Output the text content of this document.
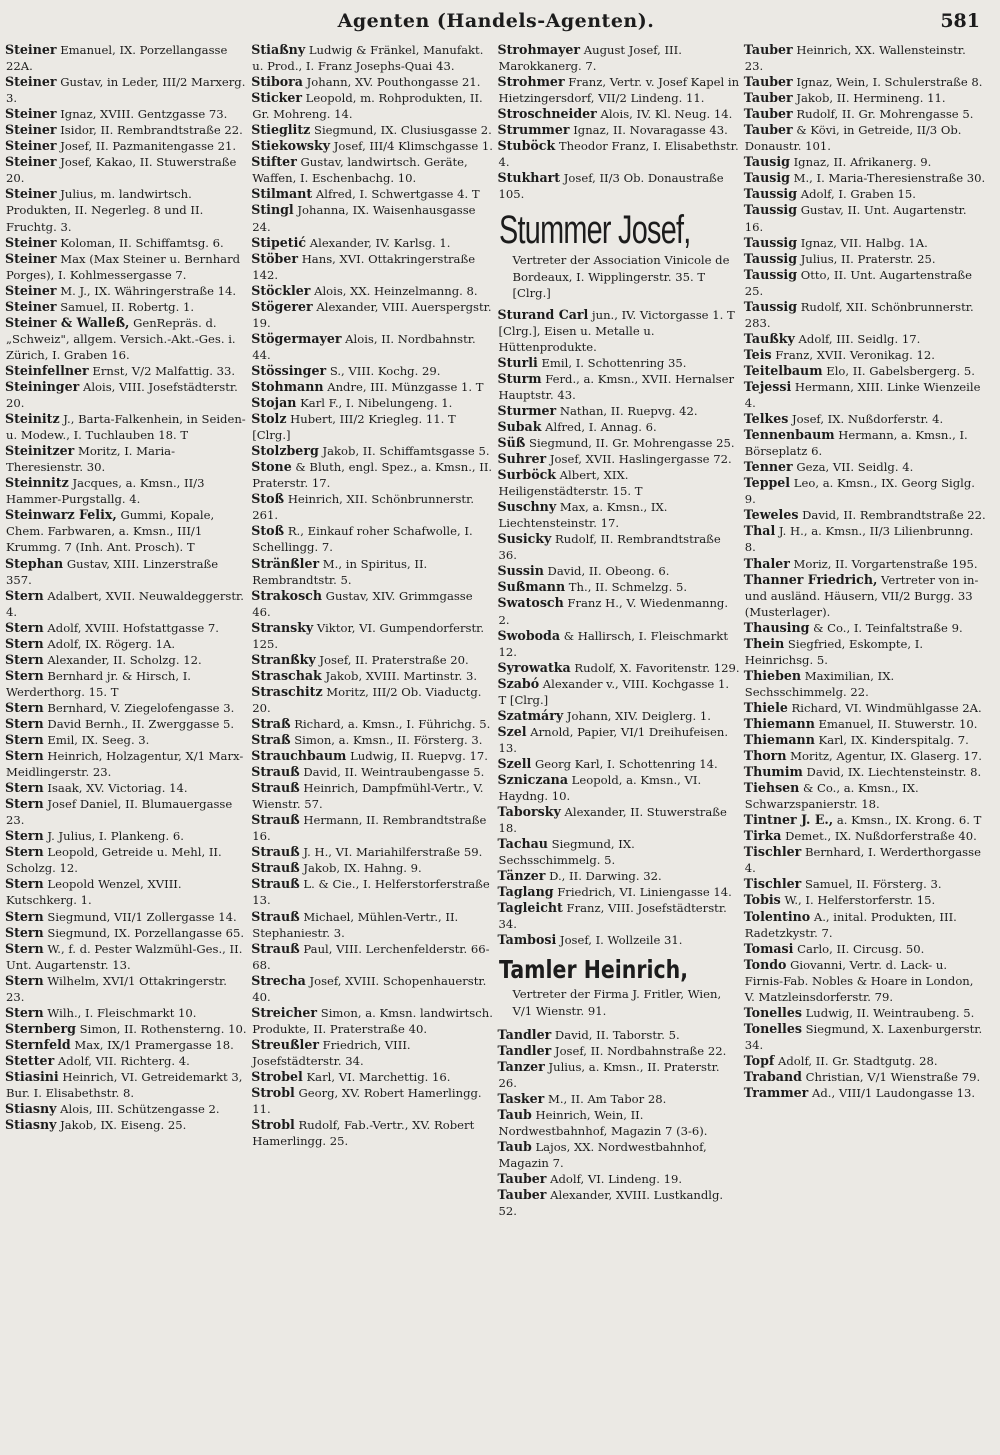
Agenten (Handels-Agenten).	581
Steiner Emanuel, IX. Porzellangasse 22A.
Steiner Gustav, in Leder, III/2 Marxerg. 3.
Steiner Ignaz, XVIII. Gentzgasse 73.
Steiner Isidor, II. Rembrandtstraße 22.
Steiner Josef, II. Pazmanitengasse 21.
Steiner Josef, Kakao, II. Stuwerstraße 20.
Steiner Julius, m. landwirtsch. Produkten, II. Negerleg. 8 und II. Fruchtg. 3.
Steiner Koloman, II. Schiffamtsg. 6.
Steiner Max (Max Steiner u. Bernhard Porges), I. Kohlmessergasse 7.
Steiner M. J., IX. Währingerstraße 14.
Steiner Samuel, II. Robertg. 1.
Steiner & Walleß, GenRepräs. d. „Schweiz", allgem. Versich.-Akt.-Ges. i. Zürich, I. Graben 16.
Steinfellner Ernst, V/2 Malfattig. 33.
Steininger Alois, VIII. Josefstädterstr. 20.
Steinitz J., Barta-Falkenhein, in Seiden- u. Modew., I. Tuchlauben 18. T
Steinitzer Moritz, I. Maria-Theresienstr. 30.
Steinnitz Jacques, a. Kmsn., II/3 Hammer-Purgstallg. 4.
Steinwarz Felix, Gummi, Kopale, Chem. Farbwaren, a. Kmsn., III/1 Krummg. 7 (Inh. Ant. Prosch). T
Stephan Gustav, XIII. Linzerstraße 357.
Stern Adalbert, XVII. Neuwaldeggerstr. 4.
Stern Adolf, XVIII. Hofstattgasse 7.
Stern Adolf, IX. Rögerg. 1A.
Stern Alexander, II. Scholzg. 12.
Stern Bernhard jr. & Hirsch, I. Werderthorg. 15. T
Stern Bernhard, V. Ziegelofengasse 3.
Stern David Bernh., II. Zwerggasse 5.
Stern Emil, IX. Seeg. 3.
Stern Heinrich, Holzagentur, X/1 Marx-Meidlingerstr. 23.
Stern Isaak, XV. Victoriag. 14.
Stern Josef Daniel, II. Blumauergasse 23.
Stern J. Julius, I. Plankeng. 6.
Stern Leopold, Getreide u. Mehl, II. Scholzg. 12.
Stern Leopold Wenzel, XVIII. Kutschkerg. 1.
Stern Siegmund, VII/1 Zollergasse 14.
Stern Siegmund, IX. Porzellangasse 65.
Stern W., f. d. Pester Walzmühl-Ges., II. Unt. Augartenstr. 13.
Stern Wilhelm, XVI/1 Ottakringerstr. 23.
Stern Wilh., I. Fleischmarkt 10.
Sternberg Simon, II. Rothensterng. 10.
Sternfeld Max, IX/1 Pramergasse 18.
Stetter Adolf, VII. Richterg. 4.
Stiasini Heinrich, VI. Getreidemarkt 3, Bur. I. Elisabethstr. 8.
Stiasny Alois, III. Schützengasse 2.
Stiasny Jakob, IX. Eiseng. 25.
Stiaßny Ludwig & Fränkel, Manufakt. u. Prod., I. Franz Josephs-Quai 43.
Stibora Johann, XV. Pouthongasse 21.
Sticker Leopold, m. Rohprodukten, II. Gr. Mohreng. 14.
Stieglitz Siegmund, IX. Clusiusgasse 2.
Stiekowsky Josef, III/4 Klimschgasse 1.
Stifter Gustav, landwirtsch. Geräte, Waffen, I. Eschenbachg. 10.
Stilmant Alfred, I. Schwertgasse 4. T
Stingl Johanna, IX. Waisenhausgasse 24.
Stipetić Alexander, IV. Karlsg. 1.
Stöber Hans, XVI. Ottakringerstraße 142.
Stöckler Alois, XX. Heinzelmanng. 8.
Stögerer Alexander, VIII. Auerspergstr. 19.
Stögermayer Alois, II. Nordbahnstr. 44.
Stössinger S., VIII. Kochg. 29.
Stohmann Andre, III. Münzgasse 1. T
Stojan Karl F., I. Nibelungeng. 1.
Stolz Hubert, III/2 Kriegleg. 11. T [Clrg.]
Stolzberg Jakob, II. Schiffamtsgasse 5.
Stone & Bluth, engl. Spez., a. Kmsn., II. Praterstr. 17.
Stoß Heinrich, XII. Schönbrunnerstr. 261.
Stoß R., Einkauf roher Schafwolle, I. Schellingg. 7.
Stränßler M., in Spiritus, II. Rembrandtstr. 5.
Strakosch Gustav, XIV. Grimmgasse 46.
Stransky Viktor, VI. Gumpendorferstr. 125.
Stranßky Josef, II. Praterstraße 20.
Straschak Jakob, XVIII. Martinstr. 3.
Straschitz Moritz, III/2 Ob. Viaductg. 20.
Straß Richard, a. Kmsn., I. Führichg. 5.
Straß Simon, a. Kmsn., II. Försterg. 3.
Strauchbaum Ludwig, II. Ruepvg. 17.
Strauß David, II. Weintraubengasse 5.
Strauß Heinrich, Dampfmühl-Vertr., V. Wienstr. 57.
Strauß Hermann, II. Rembrandtstraße 16.
Strauß J. H., VI. Mariahilferstraße 59.
Strauß Jakob, IX. Hahng. 9.
Strauß L. & Cie., I. Helferstorferstraße 13.
Strauß Michael, Mühlen-Vertr., II. Stephaniestr. 3.
Strauß Paul, VIII. Lerchenfelderstr. 66-68.
Strecha Josef, XVIII. Schopenhauerstr. 40.
Streicher Simon, a. Kmsn. landwirtsch. Produkte, II. Praterstraße 40.
Streußler Friedrich, VIII. Josefstädterstr. 34.
Strobel Karl, VI. Marchettig. 16.
Strobl Georg, XV. Robert Hamerlingg. 11.
Strobl Rudolf, Fab.-Vertr., XV. Robert Hamerlingg. 25.
Strohmayer August Josef, III. Marokkanerg. 7.
Strohmer Franz, Vertr. v. Josef Kapel in Hietzingersdorf, VII/2 Lindeng. 11.
Stroschneider Alois, IV. Kl. Neug. 14.
Strummer Ignaz, II. Novaragasse 43.
Stuböck Theodor Franz, I. Elisabethstr. 4.
Stukhart Josef, II/3 Ob. Donaustraße 105.
Stummer Josef,
Vertreter der Association Vinicole de Bordeaux, I. Wipplingerstr. 35. T [Clrg.]
Sturand Carl jun., IV. Victorgasse 1. T [Clrg.], Eisen u. Metalle u. Hüttenprodukte.
Sturli Emil, I. Schottenring 35.
Sturm Ferd., a. Kmsn., XVII. Hernalser Hauptstr. 43.
Sturmer Nathan, II. Ruepvg. 42.
Subak Alfred, I. Annag. 6.
Süß Siegmund, II. Gr. Mohrengasse 25.
Suhrer Josef, XVII. Haslingergasse 72.
Surböck Albert, XIX. Heiligenstädterstr. 15. T
Suschny Max, a. Kmsn., IX. Liechtensteinstr. 17.
Susicky Rudolf, II. Rembrandtstraße 36.
Sussin David, II. Obeong. 6.
Sußmann Th., II. Schmelzg. 5.
Swatosch Franz H., V. Wiedenmanng. 2.
Swoboda & Hallirsch, I. Fleischmarkt 12.
Syrowatka Rudolf, X. Favoritenstr. 129.
Szabó Alexander v., VIII. Kochgasse 1. T [Clrg.]
Szatmáry Johann, XIV. Deiglerg. 1.
Szel Arnold, Papier, VI/1 Dreihufeisen. 13.
Szell Georg Karl, I. Schottenring 14.
Szniczana Leopold, a. Kmsn., VI. Haydng. 10.
Taborsky Alexander, II. Stuwerstraße 18.
Tachau Siegmund, IX. Sechsschimmelg. 5.
Tänzer D., II. Darwing. 32.
Taglang Friedrich, VI. Liniengasse 14.
Tagleicht Franz, VIII. Josefstädterstr. 34.
Tambosi Josef, I. Wollzeile 31.
Tamler Heinrich,
Vertreter der Firma J. Fritler, Wien, V/1 Wienstr. 91.
Tandler David, II. Taborstr. 5.
Tandler Josef, II. Nordbahnstraße 22.
Tanzer Julius, a. Kmsn., II. Praterstr. 26.
Tasker M., II. Am Tabor 28.
Taub Heinrich, Wein, II. Nordwestbahnhof, Magazin 7 (3-6).
Taub Lajos, XX. Nordwestbahnhof, Magazin 7.
Tauber Adolf, VI. Lindeng. 19.
Tauber Alexander, XVIII. Lustkandlg. 52.
Tauber Heinrich, XX. Wallensteinstr. 23.
Tauber Ignaz, Wein, I. Schulerstraße 8.
Tauber Jakob, II. Hermineng. 11.
Tauber Rudolf, II. Gr. Mohrengasse 5.
Tauber & Kövi, in Getreide, II/3 Ob. Donaustr. 101.
Tausig Ignaz, II. Afrikanerg. 9.
Tausig M., I. Maria-Theresienstraße 30.
Taussig Adolf, I. Graben 15.
Taussig Gustav, II. Unt. Augartenstr. 16.
Taussig Ignaz, VII. Halbg. 1A.
Taussig Julius, II. Praterstr. 25.
Taussig Otto, II. Unt. Augartenstraße 25.
Taussig Rudolf, XII. Schönbrunnerstr. 283.
Taußky Adolf, III. Seidlg. 17.
Teis Franz, XVII. Veronikag. 12.
Teitelbaum Elo, II. Gabelsbergerg. 5.
Tejessi Hermann, XIII. Linke Wienzeile 4.
Telkes Josef, IX. Nußdorferstr. 4.
Tennenbaum Hermann, a. Kmsn., I. Börseplatz 6.
Tenner Geza, VII. Seidlg. 4.
Teppel Leo, a. Kmsn., IX. Georg Siglg. 9.
Teweles David, II. Rembrandtstraße 22.
Thal J. H., a. Kmsn., II/3 Lilienbrunng. 8.
Thaler Moriz, II. Vorgartenstraße 195.
Thanner Friedrich, Vertreter von in- und ausländ. Häusern, VII/2 Burgg. 33 (Musterlager).
Thausing & Co., I. Teinfaltstraße 9.
Thein Siegfried, Eskompte, I. Heinrichsg. 5.
Thieben Maximilian, IX. Sechsschimmelg. 22.
Thiele Richard, VI. Windmühlgasse 2A.
Thiemann Emanuel, II. Stuwerstr. 10.
Thiemann Karl, IX. Kinderspitalg. 7.
Thorn Moritz, Agentur, IX. Glaserg. 17.
Thumim David, IX. Liechtensteinstr. 8.
Tiehsen & Co., a. Kmsn., IX. Schwarzspanierstr. 18.
Tintner J. E., a. Kmsn., IX. Krong. 6. T
Tirka Demet., IX. Nußdorferstraße 40.
Tischler Bernhard, I. Werderthorgasse 4.
Tischler Samuel, II. Försterg. 3.
Tobis W., I. Helferstorferstr. 15.
Tolentino A., inital. Produkten, III. Radetzkystr. 7.
Tomasi Carlo, II. Circusg. 50.
Tondo Giovanni, Vertr. d. Lack- u. Firnis-Fab. Nobles & Hoare in London, V. Matzleinsdorferstr. 79.
Tonelles Ludwig, II. Weintraubeng. 5.
Tonelles Siegmund, X. Laxenburgerstr. 34.
Topf Adolf, II. Gr. Stadtgutg. 28.
Traband Christian, V/1 Wienstraße 79.
Trammer Ad., VIII/1 Laudongasse 13.
